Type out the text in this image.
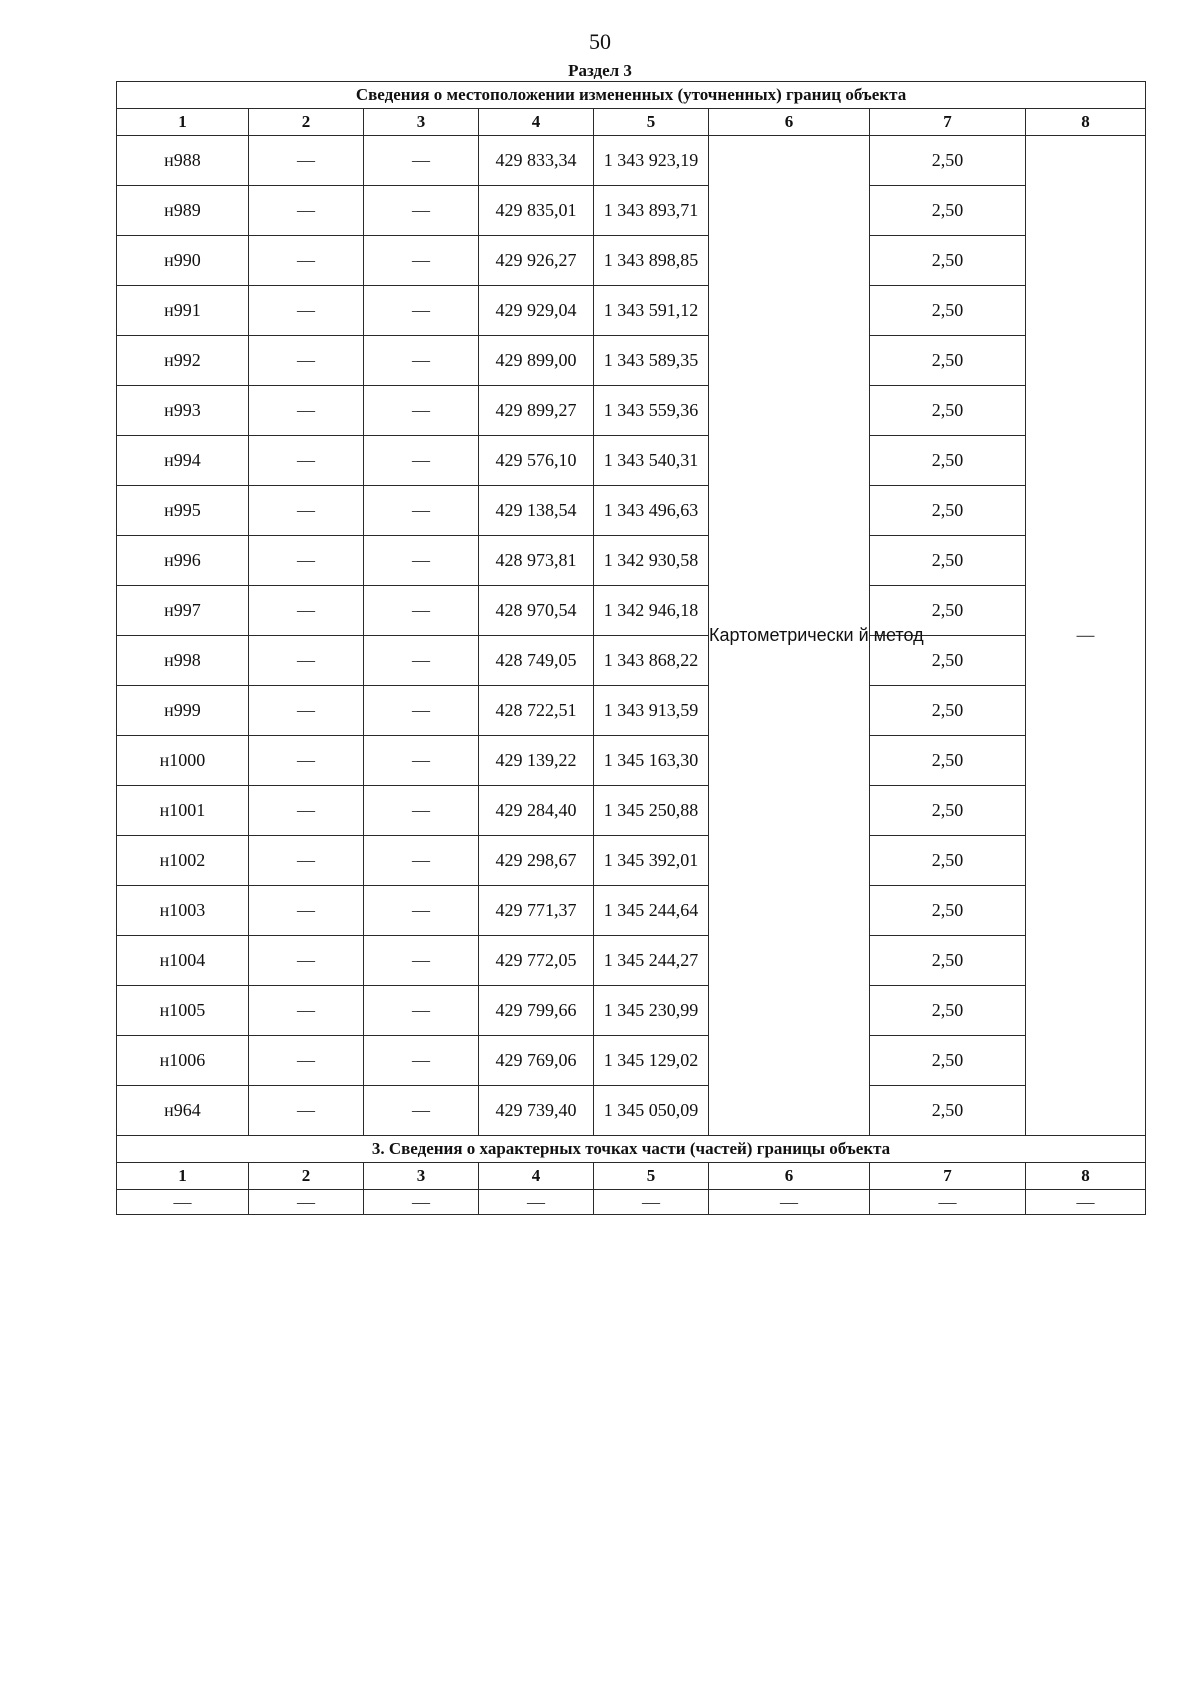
50
Раздел 3
Сведения о местоположении измененных (уточненных) границ объекта							
1	2	3	4	5	6	7	8
н988	—	—	429 833,34	1 343 923,19	Картометрически й метод	2,50	—
н989	—	—	429 835,01	1 343 893,71		2,50	
н990	—	—	429 926,27	1 343 898,85		2,50	
н991	—	—	429 929,04	1 343 591,12		2,50	
н992	—	—	429 899,00	1 343 589,35		2,50	
н993	—	—	429 899,27	1 343 559,36		2,50	
н994	—	—	429 576,10	1 343 540,31		2,50	
н995	—	—	429 138,54	1 343 496,63		2,50	
н996	—	—	428 973,81	1 342 930,58		2,50	
н997	—	—	428 970,54	1 342 946,18		2,50	
н998	—	—	428 749,05	1 343 868,22		2,50	
н999	—	—	428 722,51	1 343 913,59		2,50	
н1000	—	—	429 139,22	1 345 163,30		2,50	
н1001	—	—	429 284,40	1 345 250,88		2,50	
н1002	—	—	429 298,67	1 345 392,01		2,50	
н1003	—	—	429 771,37	1 345 244,64		2,50	
н1004	—	—	429 772,05	1 345 244,27		2,50	
н1005	—	—	429 799,66	1 345 230,99		2,50	
н1006	—	—	429 769,06	1 345 129,02		2,50	
н964	—	—	429 739,40	1 345 050,09		2,50	
3. Сведения о характерных точках части (частей) границы объекта							
1	2	3	4	5	6	7	8
—	—	—	—	—	—	—	—
